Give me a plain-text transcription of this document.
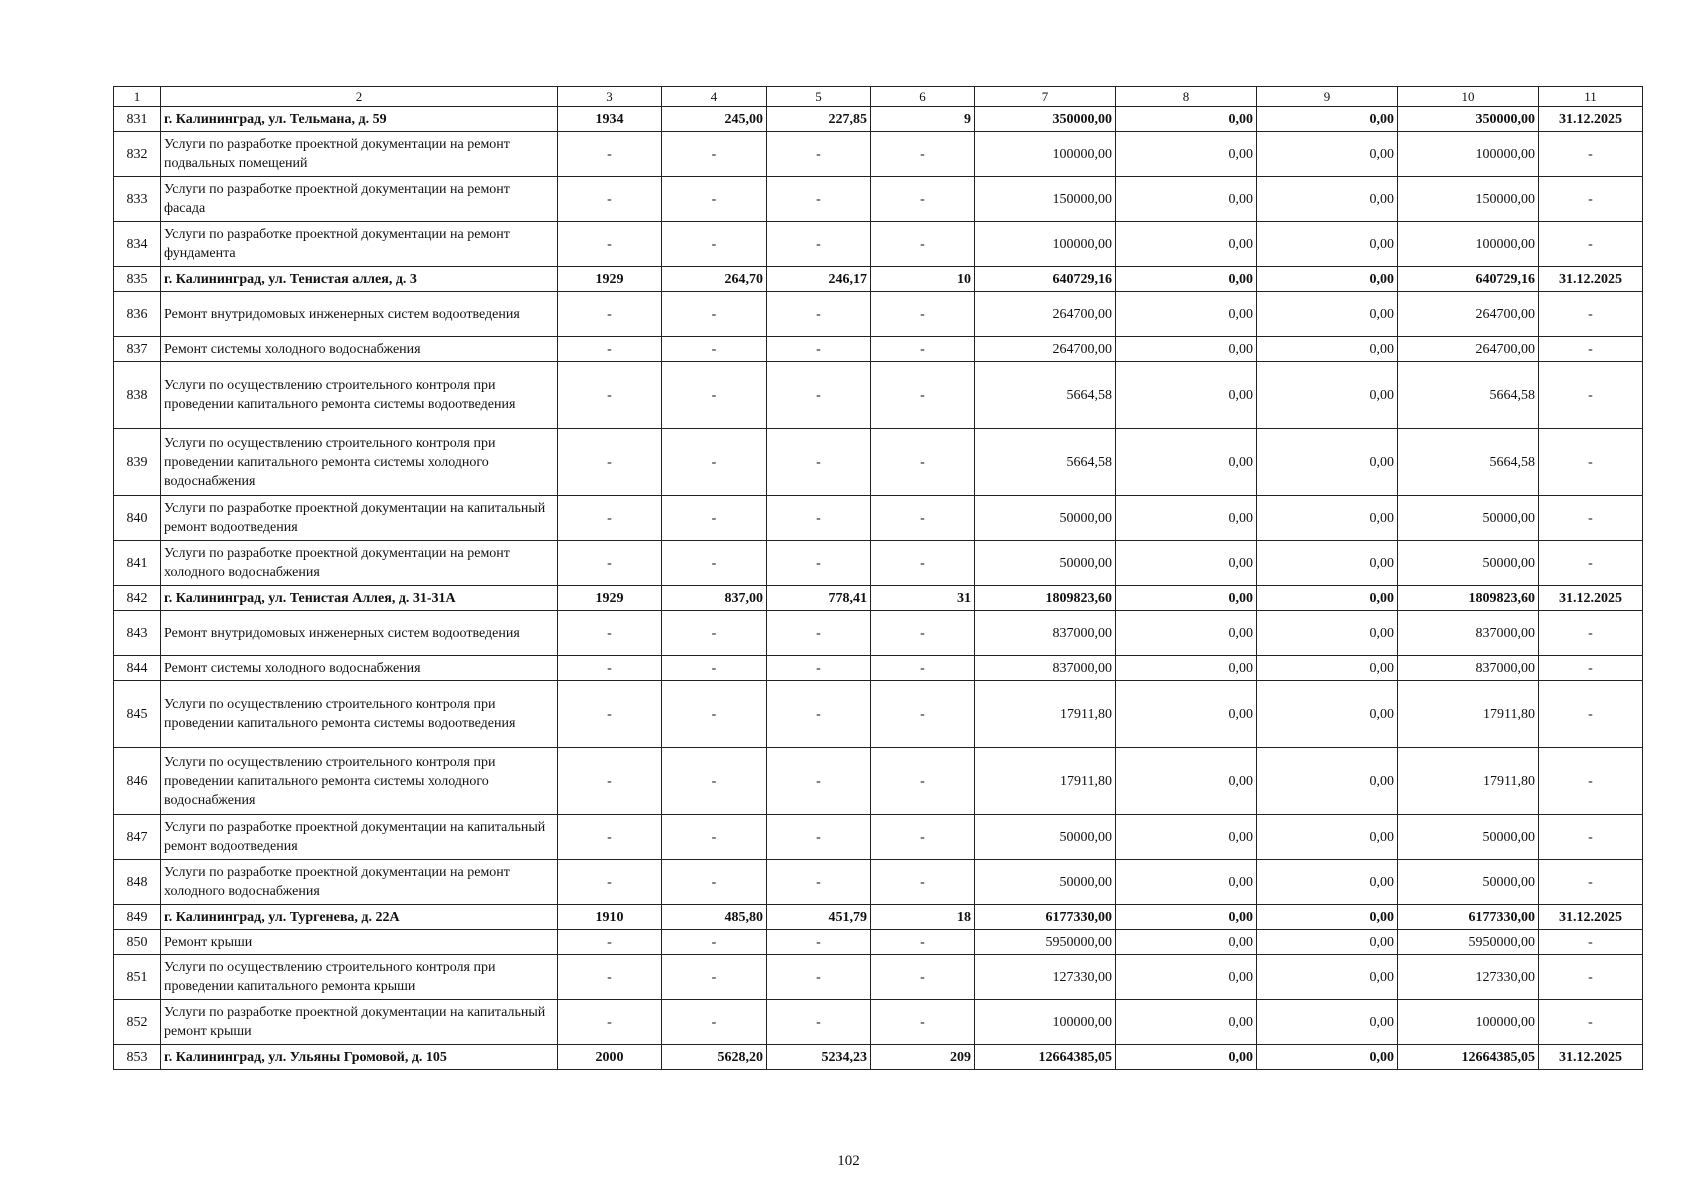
1	2	3	4	5	6	7	8	9	10	11
831	г. Калининград, ул. Тельмана, д. 59	1934	245,00	227,85	9	350000,00	0,00	0,00	350000,00	31.12.2025
832	Услуги по разработке проектной документации на ремонт подвальных помещений	-	-	-	-	100000,00	0,00	0,00	100000,00	-
833	Услуги по разработке проектной документации на ремонт фасада	-	-	-	-	150000,00	0,00	0,00	150000,00	-
834	Услуги по разработке проектной документации на ремонт фундамента	-	-	-	-	100000,00	0,00	0,00	100000,00	-
835	г. Калининград, ул. Тенистая аллея, д. 3	1929	264,70	246,17	10	640729,16	0,00	0,00	640729,16	31.12.2025
836	Ремонт внутридомовых инженерных систем водоотведения	-	-	-	-	264700,00	0,00	0,00	264700,00	-
837	Ремонт системы холодного водоснабжения	-	-	-	-	264700,00	0,00	0,00	264700,00	-
838	Услуги по осуществлению строительного контроля при проведении капитального ремонта системы водоотведения	-	-	-	-	5664,58	0,00	0,00	5664,58	-
839	Услуги по осуществлению строительного контроля при проведении капитального ремонта системы холодного водоснабжения	-	-	-	-	5664,58	0,00	0,00	5664,58	-
840	Услуги по разработке проектной документации на капитальный ремонт водоотведения	-	-	-	-	50000,00	0,00	0,00	50000,00	-
841	Услуги по разработке проектной документации на ремонт холодного водоснабжения	-	-	-	-	50000,00	0,00	0,00	50000,00	-
842	г. Калининград, ул. Тенистая Аллея, д. 31-31А	1929	837,00	778,41	31	1809823,60	0,00	0,00	1809823,60	31.12.2025
843	Ремонт внутридомовых инженерных систем водоотведения	-	-	-	-	837000,00	0,00	0,00	837000,00	-
844	Ремонт системы холодного водоснабжения	-	-	-	-	837000,00	0,00	0,00	837000,00	-
845	Услуги по осуществлению строительного контроля при проведении капитального ремонта системы водоотведения	-	-	-	-	17911,80	0,00	0,00	17911,80	-
846	Услуги по осуществлению строительного контроля при проведении капитального ремонта системы холодного водоснабжения	-	-	-	-	17911,80	0,00	0,00	17911,80	-
847	Услуги по разработке проектной документации на капитальный ремонт водоотведения	-	-	-	-	50000,00	0,00	0,00	50000,00	-
848	Услуги по разработке проектной документации на ремонт холодного водоснабжения	-	-	-	-	50000,00	0,00	0,00	50000,00	-
849	г. Калининград, ул. Тургенева, д. 22А	1910	485,80	451,79	18	6177330,00	0,00	0,00	6177330,00	31.12.2025
850	Ремонт крыши	-	-	-	-	5950000,00	0,00	0,00	5950000,00	-
851	Услуги по осуществлению строительного контроля при проведении капитального ремонта крыши	-	-	-	-	127330,00	0,00	0,00	127330,00	-
852	Услуги по разработке проектной документации на капитальный ремонт крыши	-	-	-	-	100000,00	0,00	0,00	100000,00	-
853	г. Калининград, ул. Ульяны Громовой, д. 105	2000	5628,20	5234,23	209	12664385,05	0,00	0,00	12664385,05	31.12.2025
102
